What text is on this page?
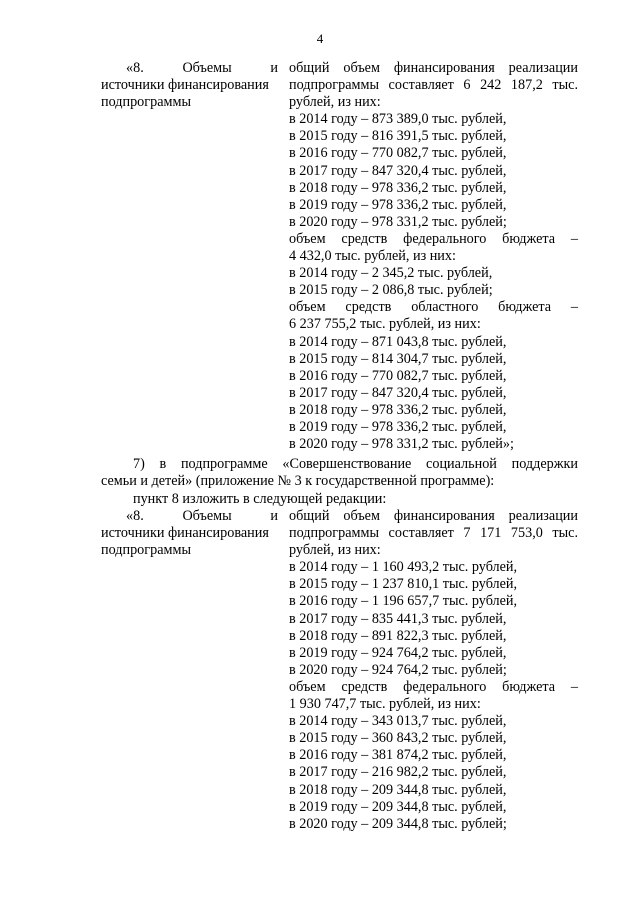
4
«8.	Объемы	и
источники финансирования
подпрограммы
общий объем финансирования реализации
подпрограммы составляет 6 242 187,2 тыс.
рублей, из них:
в 2014 году – 873 389,0 тыс. рублей,
в 2015 году – 816 391,5 тыс. рублей,
в 2016 году – 770 082,7 тыс. рублей,
в 2017 году – 847 320,4 тыс. рублей,
в 2018 году – 978 336,2 тыс. рублей,
в 2019 году – 978 336,2 тыс. рублей,
в 2020 году – 978 331,2 тыс. рублей;
объем средств федерального бюджета –
4 432,0 тыс. рублей, из них:
в 2014 году – 2 345,2 тыс. рублей,
в 2015 году – 2 086,8 тыс. рублей;
объем средств областного бюджета –
6 237 755,2 тыс. рублей, из них:
в 2014 году – 871 043,8 тыс. рублей,
в 2015 году – 814 304,7 тыс. рублей,
в 2016 году – 770 082,7 тыс. рублей,
в 2017 году – 847 320,4 тыс. рублей,
в 2018 году – 978 336,2 тыс. рублей,
в 2019 году – 978 336,2 тыс. рублей,
в 2020 году – 978 331,2 тыс. рублей»;
7) в подпрограмме «Совершенствование социальной поддержки
семьи и детей» (приложение № 3 к государственной программе):
пункт 8 изложить в следующей редакции:
«8.	Объемы	и
источники финансирования
подпрограммы
общий объем финансирования реализации
подпрограммы составляет 7 171 753,0 тыс.
рублей, из них:
в 2014 году – 1 160 493,2 тыс. рублей,
в 2015 году – 1 237 810,1 тыс. рублей,
в 2016 году – 1 196 657,7 тыс. рублей,
в 2017 году – 835 441,3 тыс. рублей,
в 2018 году – 891 822,3 тыс. рублей,
в 2019 году – 924 764,2 тыс. рублей,
в 2020 году – 924 764,2 тыс. рублей;
объем средств федерального бюджета –
1 930 747,7 тыс. рублей, из них:
в 2014 году – 343 013,7 тыс. рублей,
в 2015 году – 360 843,2 тыс. рублей,
в 2016 году – 381 874,2 тыс. рублей,
в 2017 году – 216 982,2 тыс. рублей,
в 2018 году – 209 344,8 тыс. рублей,
в 2019 году – 209 344,8 тыс. рублей,
в 2020 году – 209 344,8 тыс. рублей;
